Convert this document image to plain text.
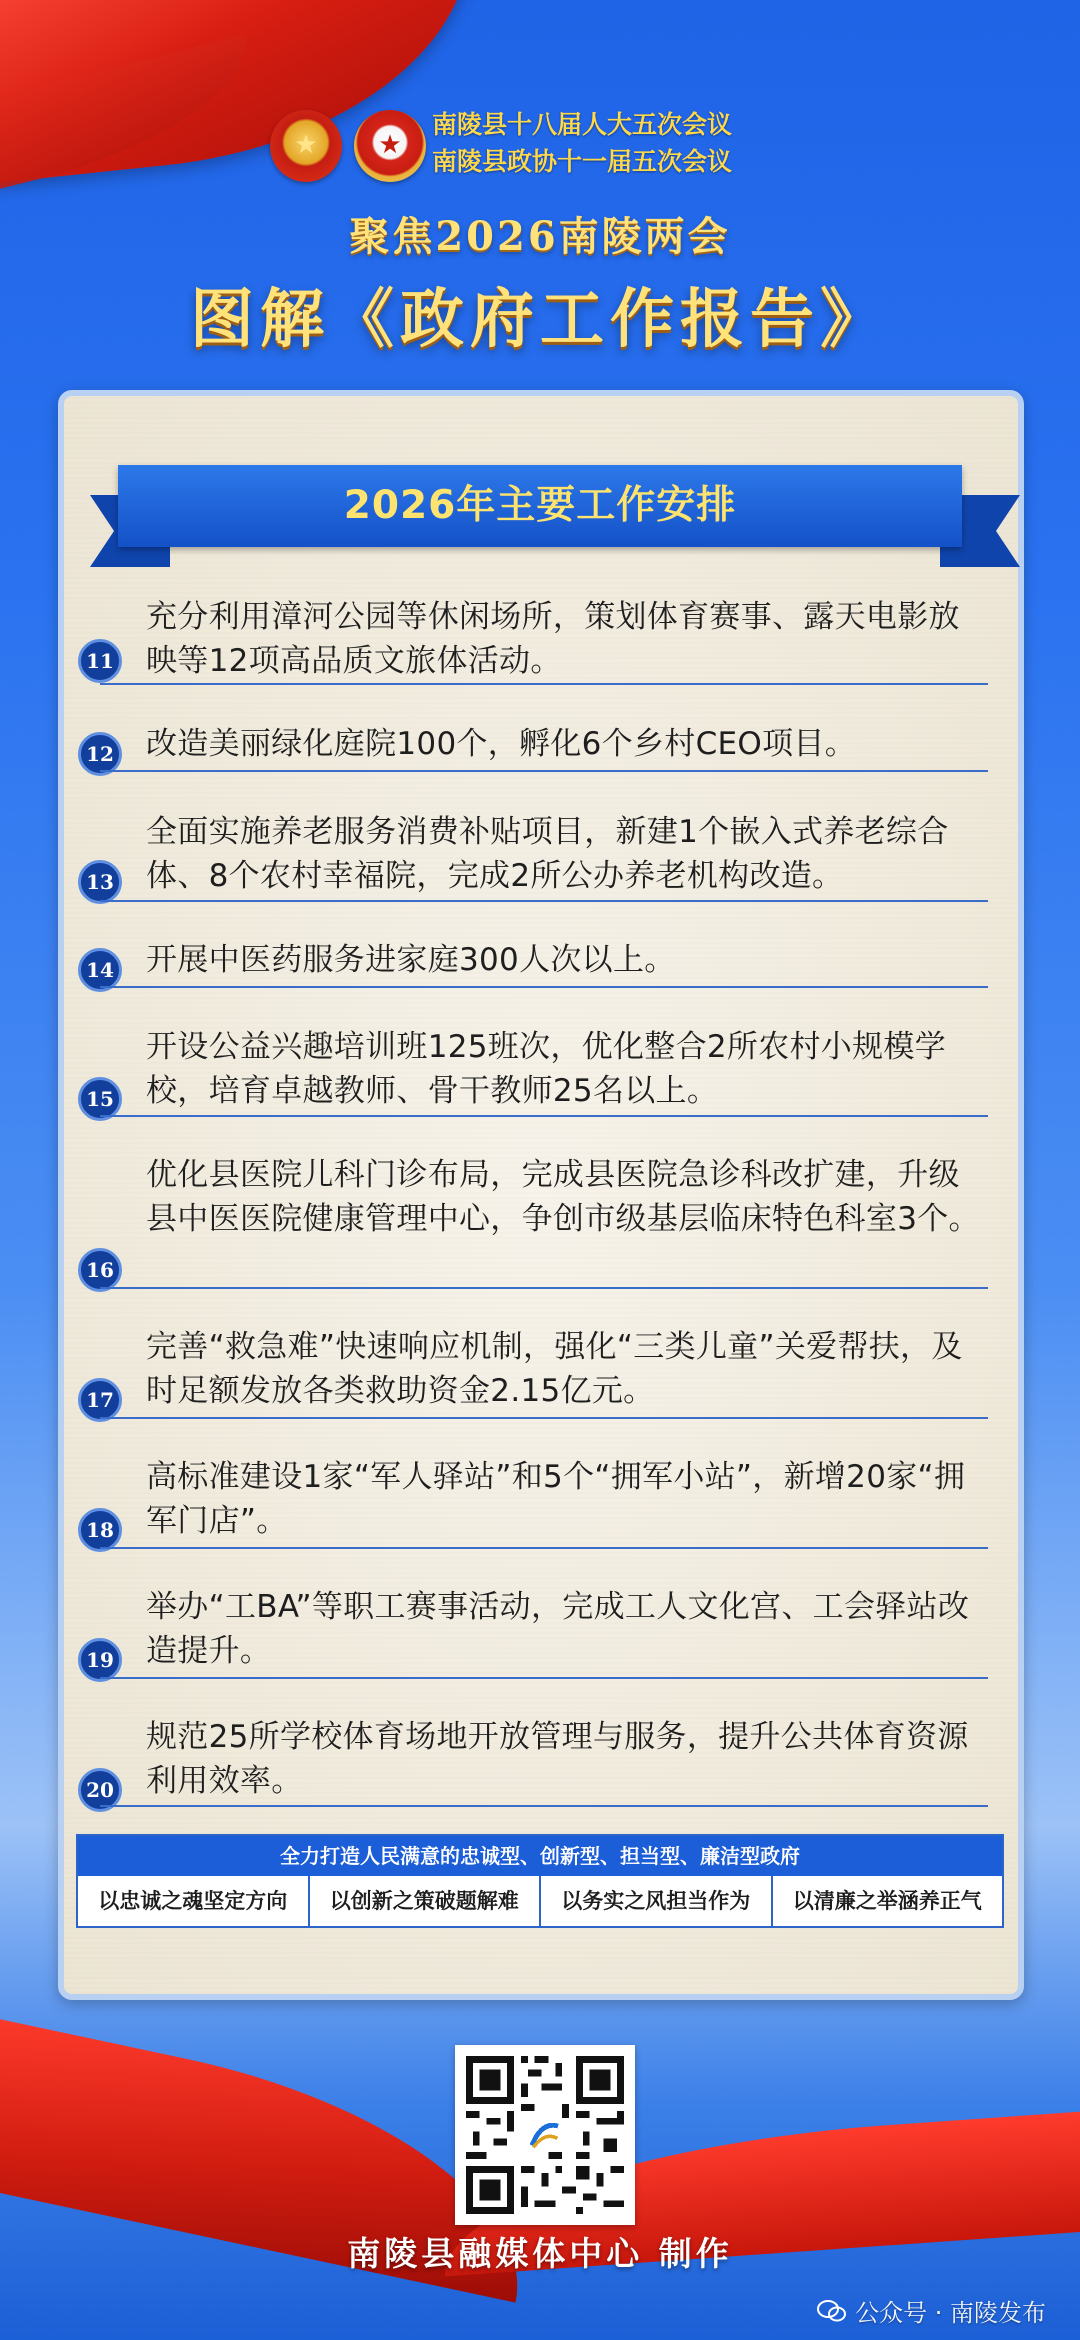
★	★
南陵县十八届人大五次会议
南陵县政协十一届五次会议
聚焦2026南陵两会
图解《政府工作报告》
2026年主要工作安排
充分利用漳河公园等休闲场所，策划体育赛事、露天电影放映等12项高品质文旅体活动。
11
改造美丽绿化庭院100个，孵化6个乡村CEO项目。
12
全面实施养老服务消费补贴项目，新建1个嵌入式养老综合体、8个农村幸福院，完成2所公办养老机构改造。
13
开展中医药服务进家庭300人次以上。
14
开设公益兴趣培训班125班次，优化整合2所农村小规模学校，培育卓越教师、骨干教师25名以上。
15
优化县医院儿科门诊布局，完成县医院急诊科改扩建，升级县中医医院健康管理中心，争创市级基层临床特色科室3个。
16
完善“救急难”快速响应机制，强化“三类儿童”关爱帮扶，及时足额发放各类救助资金2.15亿元。
17
高标准建设1家“军人驿站”和5个“拥军小站”，新增20家“拥军门店”。
18
举办“工BA”等职工赛事活动，完成工人文化宫、工会驿站改造提升。
19
规范25所学校体育场地开放管理与服务，提升公共体育资源利用效率。
20
全力打造人民满意的忠诚型、创新型、担当型、廉洁型政府
以忠诚之魂坚定方向	以创新之策破题解难	以务实之风担当作为	以清廉之举涵养正气
南陵县融媒体中心 制作
公众号 · 南陵发布
